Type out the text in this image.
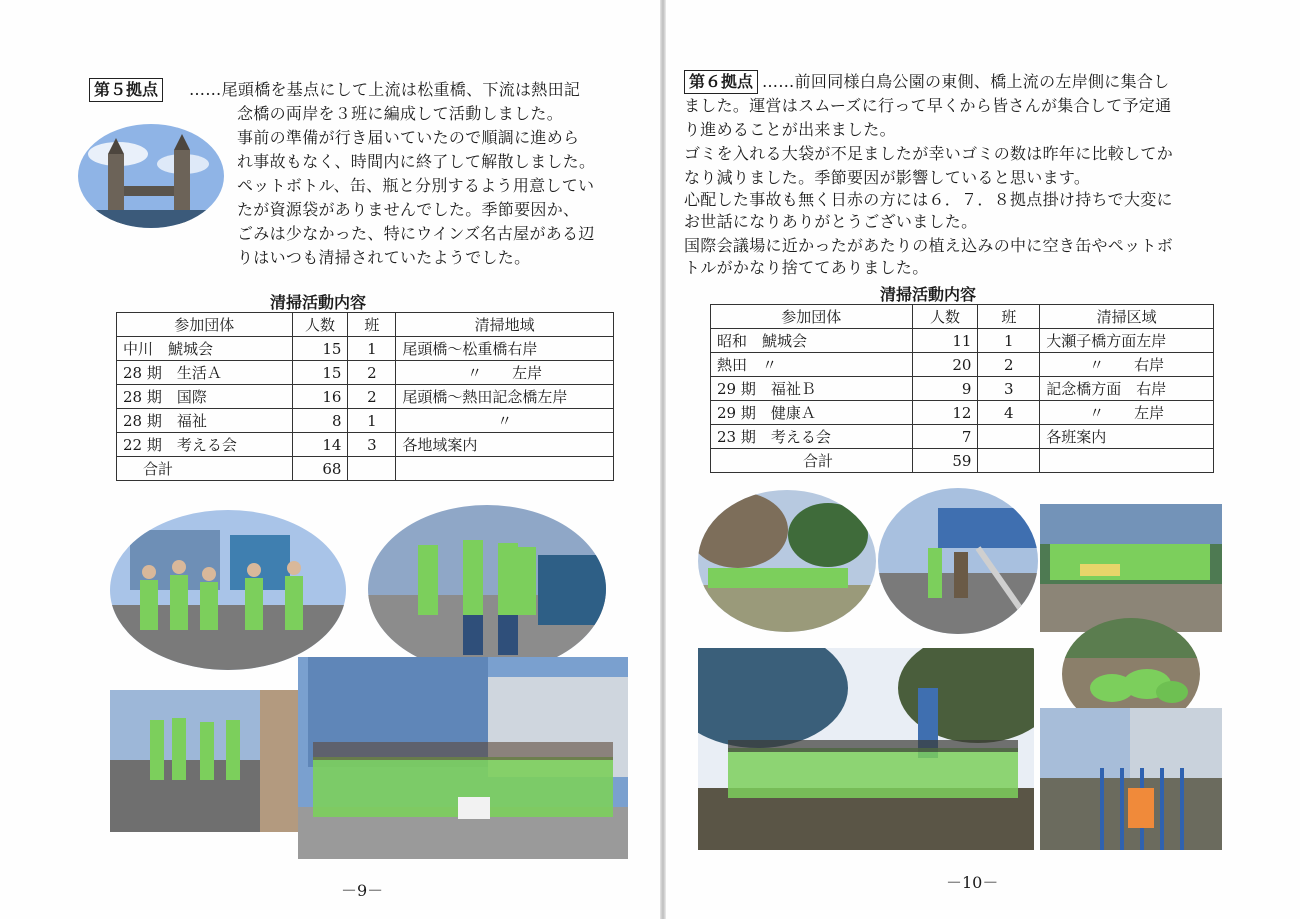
第５拠点	……尾頭橋を基点にして上流は松重橋、下流は熱田記
念橋の両岸を３班に編成して活動しました。
事前の準備が行き届いていたので順調に進めら
れ事故もなく、時間内に終了して解散しました。
ペットボトル、缶、瓶と分別するよう用意してい
たが資源袋がありませんでした。季節要因か、
ごみは少なかった、特にウインズ名古屋がある辺
りはいつも清掃されていたようでした。
清掃活動内容
参加団体	人数	班	清掃地域
中川　鯱城会	15	1	尾頭橋～松重橋右岸
28 期　生活Ａ	15	2	〃　　左岸
28 期　国際	16	2	尾頭橋～熱田記念橋左岸
28 期　福祉	8	1	〃
22 期　考える会	14	3	各地域案内
合計	68		
－9－
第６拠点 ……前回同様白鳥公園の東側、橋上流の左岸側に集合し
ました。運営はスムーズに行って早くから皆さんが集合して予定通
り進めることが出来ました。
ゴミを入れる大袋が不足ましたが幸いゴミの数は昨年に比較してか
なり減りました。季節要因が影響していると思います。
心配した事故も無く日赤の方には６．７．８拠点掛け持ちで大変に
お世話になりありがとうございました。
国際会議場に近かったがあたりの植え込みの中に空き缶やペットボ
トルがかなり捨ててありました。
清掃活動内容
参加団体	人数	班	清掃区域
昭和　鯱城会	11	1	大瀬子橋方面左岸
熱田　〃	20	2	〃　　右岸
29 期　福祉Ｂ	9	3	記念橋方面　右岸
29 期　健康Ａ	12	4	〃　　左岸
23 期　考える会	7		各班案内
合計	59		
－10－
